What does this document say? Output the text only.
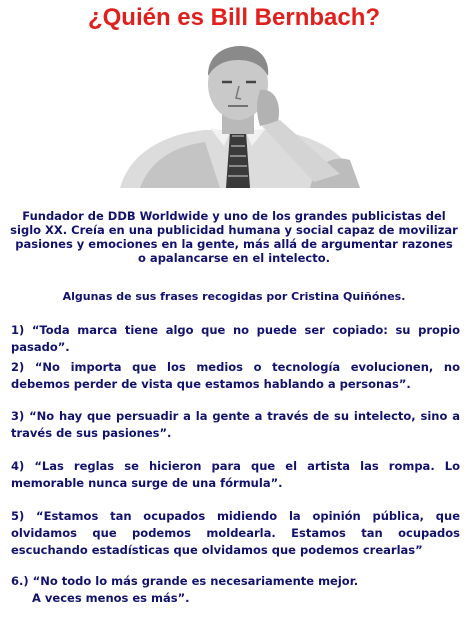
¿Quién es Bill Bernbach?
Fundador de DDB Worldwide y uno de los grandes publicistas del siglo XX. Creía en una publicidad humana y social capaz de movilizar pasiones y emociones en la gente, más allá de argumentar razones o apalancarse en el intelecto.
Algunas de sus frases recogidas por Cristina Quiñónes.
1) “Toda marca tiene algo que no puede ser copiado: su propio pasado”.
2) “No importa que los medios o tecnología evolucionen, no debemos perder de vista que estamos hablando a personas”.
3) “No hay que persuadir a la gente a través de su intelecto, sino a través de sus pasiones”.
4) “Las reglas se hicieron para que el artista las rompa. Lo memorable nunca surge de una fórmula”.
5) “Estamos tan ocupados midiendo la opinión pública, que olvidamos que podemos moldearla. Estamos tan ocupados escuchando estadísticas que olvidamos que podemos crearlas”
6.) “No todo lo más grande es necesariamente mejor.
A veces menos es más”.
